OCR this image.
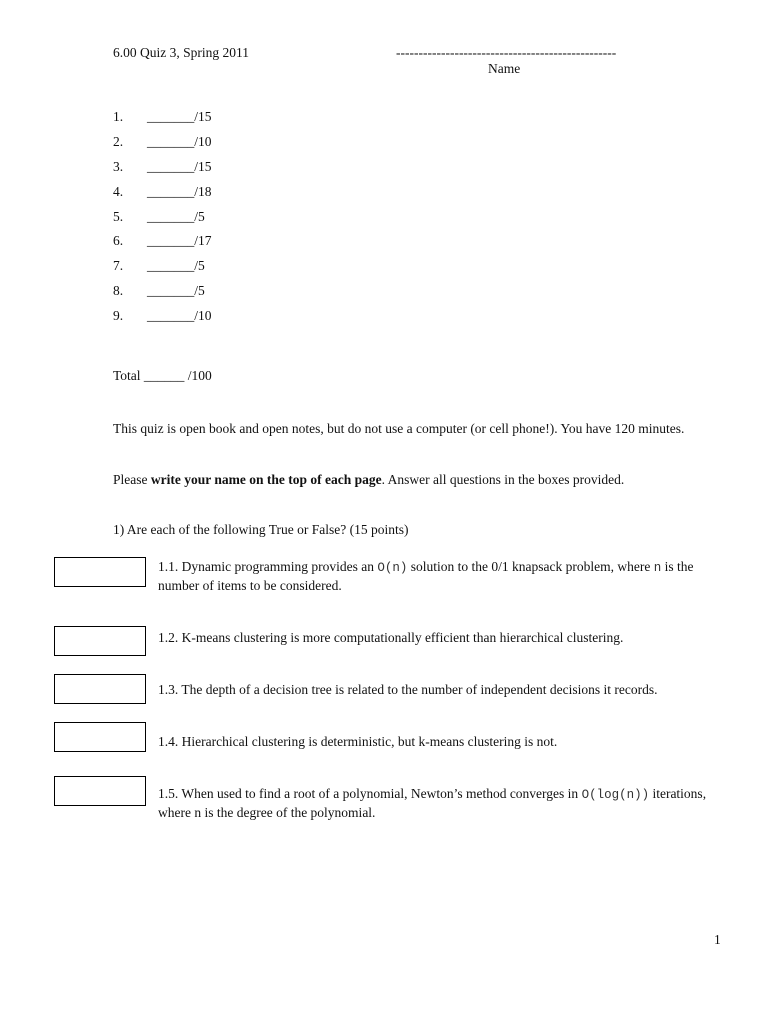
6.00 Quiz 3, Spring 2011	-------------------------------------------------
Name
1. _______/15
2. _______/10
3. _______/15
4. _______/18
5. _______/5
6. _______/17
7. _______/5
8. _______/5
9. _______/10
Total ______ /100
This quiz is open book and open notes, but do not use a computer (or cell phone!). You have 120 minutes.
Please write your name on the top of each page. Answer all questions in the boxes provided.
1) Are each of the following True or False? (15 points)
1.1. Dynamic programming provides an O(n) solution to the 0/1 knapsack problem, where n is the number of items to be considered.
1.2. K-means clustering is more computationally efficient than hierarchical clustering.
1.3. The depth of a decision tree is related to the number of independent decisions it records.
1.4. Hierarchical clustering is deterministic, but k-means clustering is not.
1.5. When used to find a root of a polynomial, Newton’s method converges in O(log(n)) iterations, where n is the degree of the polynomial.
1
